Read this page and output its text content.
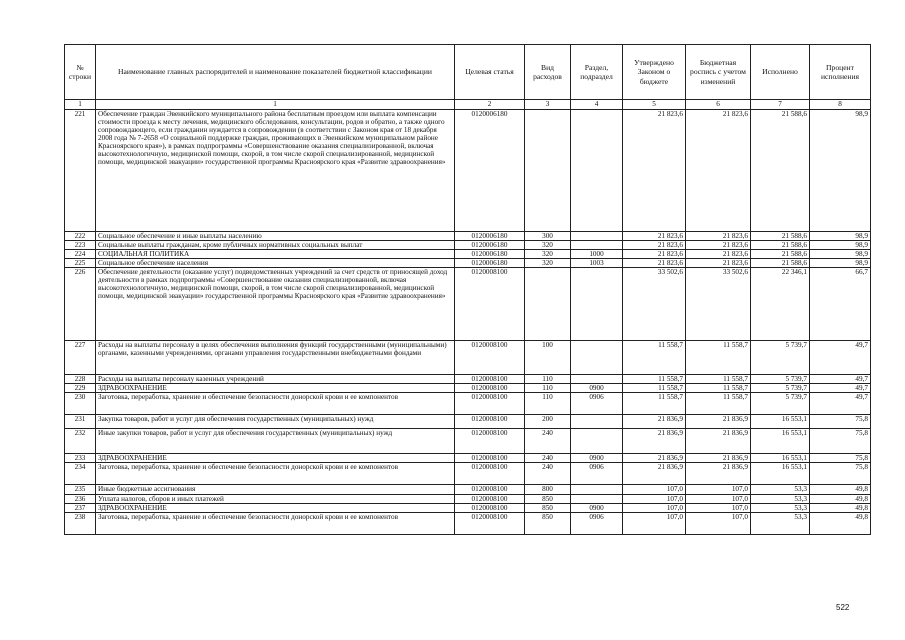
№ строки	Наименование главных распорядителей и наименование показателей бюджетной классификации	Целевая статья	Вид расходов	Раздел, подраздел	Утверждено Законом о бюджете	Бюджетная роспись с учетом изменений	Исполнено	Процент исполнения
1	1	2	3	4	5	6	7	8
221	Обеспечение граждан Эвенкийского муниципального района бесплатным проездом или выплата компенсации стоимости проезда к месту лечения, медицинского обследования, консультации, родов и обратно, а также одного сопровождающего, если гражданин нуждается в сопровождении (в соответствии с Законом края от 18 декабря 2008 года № 7-2658 «О социальной поддержке граждан, проживающих в Эвенкийском муниципальном районе Красноярского края»), в рамках подпрограммы «Совершенствование оказания специализированной, включая высокотехнологичную, медицинской помощи, скорой, в том числе скорой специализированной, медицинской помощи, медицинской эвакуации» государственной программы Красноярского края «Развитие здравоохранения»	0120006180			21 823,6	21 823,6	21 588,6	98,9
222	Социальное обеспечение и иные выплаты населению	0120006180	300		21 823,6	21 823,6	21 588,6	98,9
223	Социальные выплаты гражданам, кроме публичных нормативных социальных выплат	0120006180	320		21 823,6	21 823,6	21 588,6	98,9
224	СОЦИАЛЬНАЯ ПОЛИТИКА	0120006180	320	1000	21 823,6	21 823,6	21 588,6	98,9
225	Социальное обеспечение населения	0120006180	320	1003	21 823,6	21 823,6	21 588,6	98,9
226	Обеспечение деятельности (оказание услуг) подведомственных учреждений за счет средств от приносящей доход деятельности в рамках подпрограммы «Совершенствование оказания специализированной, включая высокотехнологичную, медицинской помощи, скорой, в том числе скорой специализированной, медицинской помощи, медицинской эвакуации» государственной программы Красноярского края «Развитие здравоохранения»	0120008100			33 502,6	33 502,6	22 346,1	66,7
227	Расходы на выплаты персоналу в целях обеспечения выполнения функций государственными (муниципальными) органами, казенными учреждениями, органами управления государственными внебюджетными фондами	0120008100	100		11 558,7	11 558,7	5 739,7	49,7
228	Расходы на выплаты персоналу казенных учреждений	0120008100	110		11 558,7	11 558,7	5 739,7	49,7
229	ЗДРАВООХРАНЕНИЕ	0120008100	110	0900	11 558,7	11 558,7	5 739,7	49,7
230	Заготовка, переработка, хранение и обеспечение безопасности донорской крови и ее компонентов	0120008100	110	0906	11 558,7	11 558,7	5 739,7	49,7
231	Закупка товаров, работ и услуг для обеспечения государственных (муниципальных) нужд	0120008100	200		21 836,9	21 836,9	16 553,1	75,8
232	Иные закупки товаров, работ и услуг для обеспечения государственных (муниципальных) нужд	0120008100	240		21 836,9	21 836,9	16 553,1	75,8
233	ЗДРАВООХРАНЕНИЕ	0120008100	240	0900	21 836,9	21 836,9	16 553,1	75,8
234	Заготовка, переработка, хранение и обеспечение безопасности донорской крови и ее компонентов	0120008100	240	0906	21 836,9	21 836,9	16 553,1	75,8
235	Иные бюджетные ассигнования	0120008100	800		107,0	107,0	53,3	49,8
236	Уплата налогов, сборов и иных платежей	0120008100	850		107,0	107,0	53,3	49,8
237	ЗДРАВООХРАНЕНИЕ	0120008100	850	0900	107,0	107,0	53,3	49,8
238	Заготовка, переработка, хранение и обеспечение безопасности донорской крови и ее компонентов	0120008100	850	0906	107,0	107,0	53,3	49,8
522
